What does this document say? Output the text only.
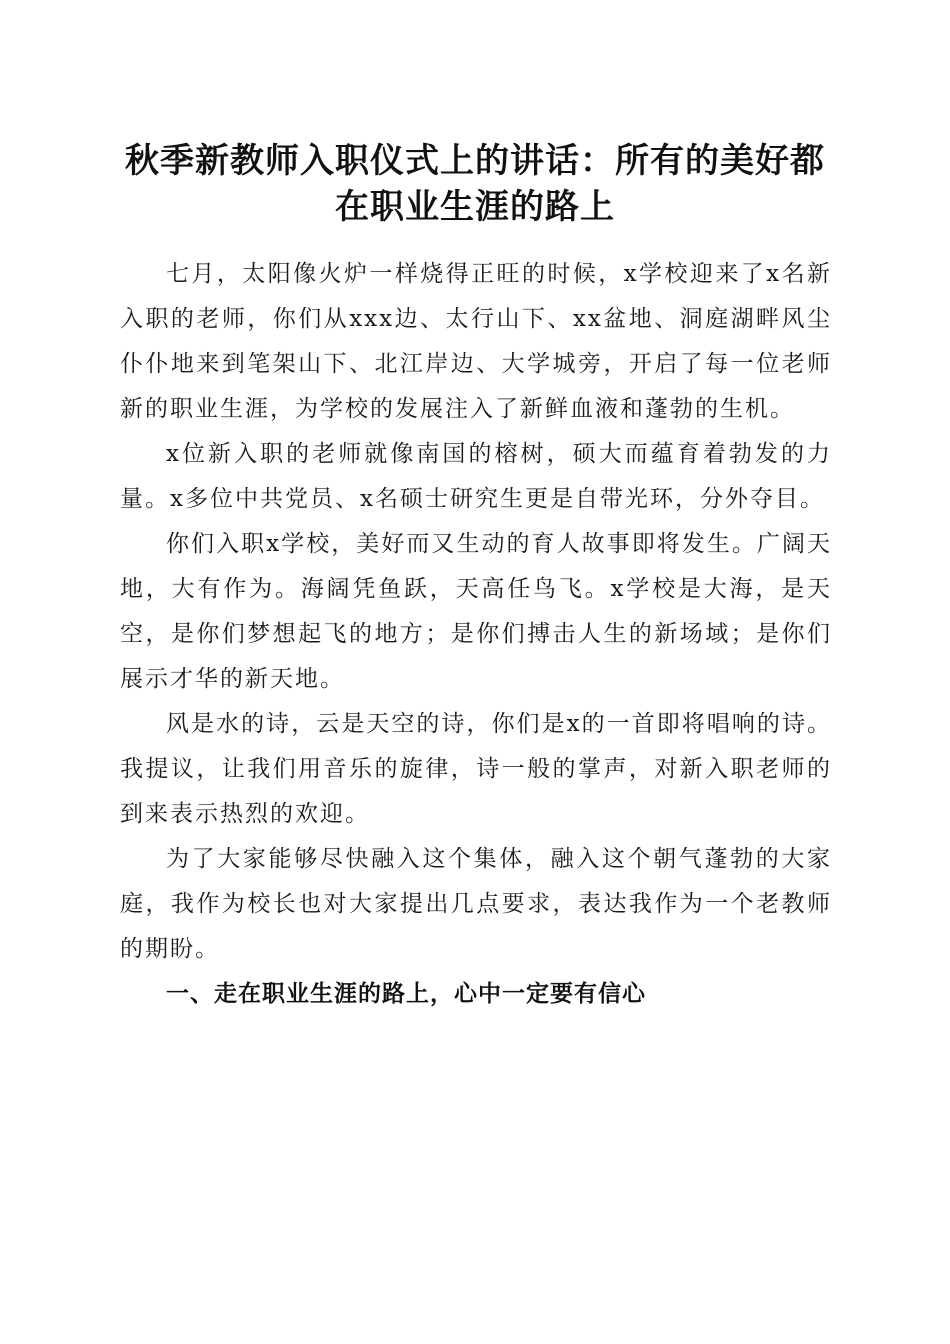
秋季新教师入职仪式上的讲话：所有的美好都
在职业生涯的路上

七月，太阳像火炉一样烧得正旺的时候，x学校迎来了x名新入职的老师，你们从xxx边、太行山下、xx盆地、洞庭湖畔风尘仆仆地来到笔架山下、北江岸边、大学城旁，开启了每一位老师新的职业生涯，为学校的发展注入了新鲜血液和蓬勃的生机。

x位新入职的老师就像南国的榕树，硕大而蕴育着勃发的力量。x多位中共党员、x名硕士研究生更是自带光环，分外夺目。

你们入职x学校，美好而又生动的育人故事即将发生。广阔天地，大有作为。海阔凭鱼跃，天高任鸟飞。x学校是大海，是天空，是你们梦想起飞的地方；是你们搏击人生的新场域；是你们展示才华的新天地。

风是水的诗，云是天空的诗，你们是x的一首即将唱响的诗。我提议，让我们用音乐的旋律，诗一般的掌声，对新入职老师的到来表示热烈的欢迎。

为了大家能够尽快融入这个集体，融入这个朝气蓬勃的大家庭，我作为校长也对大家提出几点要求，表达我作为一个老教师的期盼。

一、走在职业生涯的路上，心中一定要有信心
